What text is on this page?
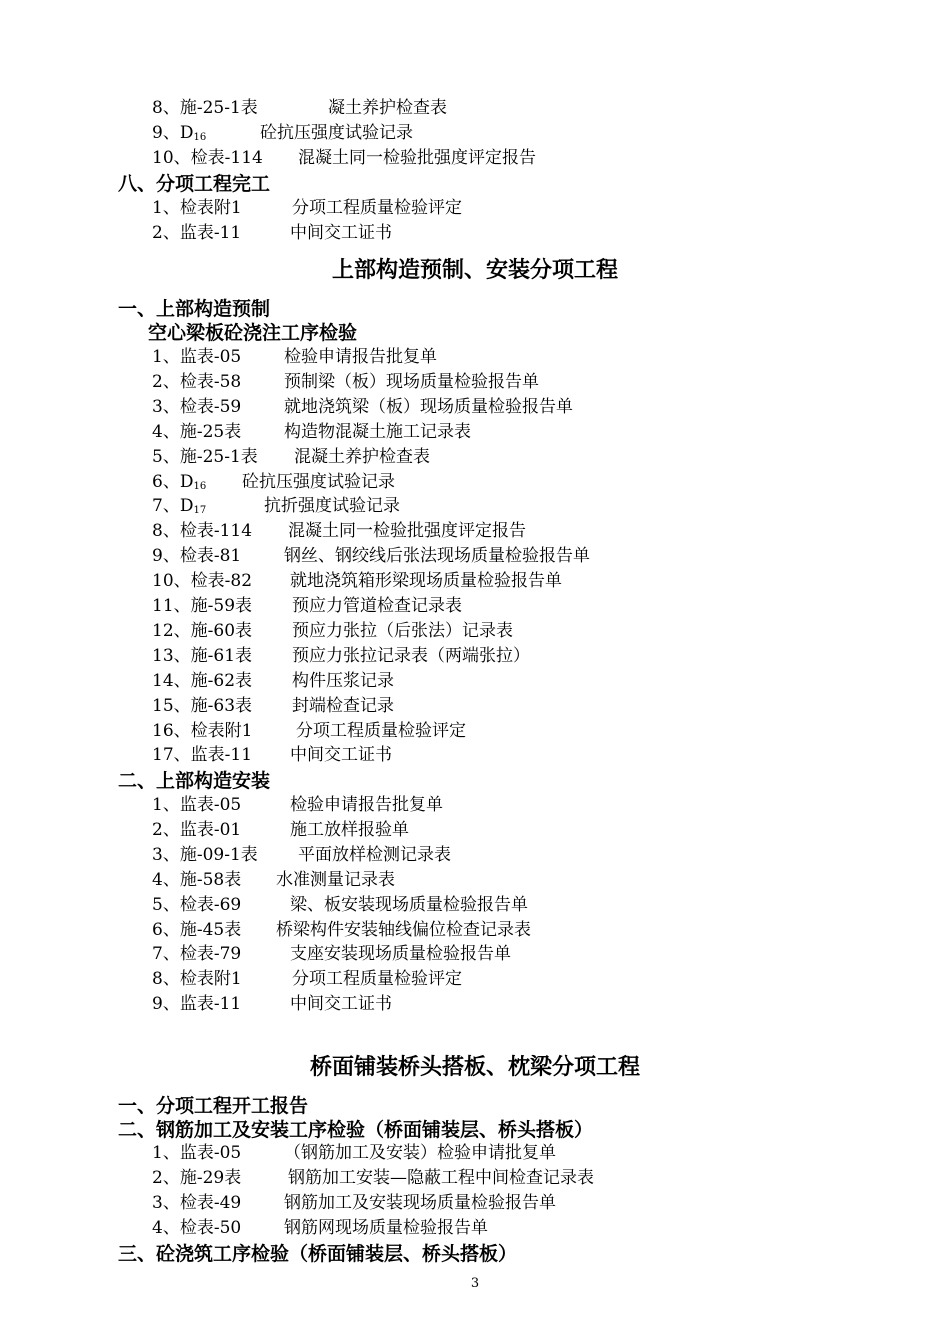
8、施-25-1表	凝土养护检查表
9、$D_{16}$	砼抗压强度试验记录
10、检表-114 混凝土同一检验批强度评定报告
八、分项工程完工
1、检表附1	分项工程质量检验评定
2、监表-11	中间交工证书
上部构造预制、安装分项工程
一、上部构造预制
空心梁板砼浇注工序检验
1、监表-05	检验申请报告批复单
2、检表-58	预制梁（板）现场质量检验报告单
3、检表-59	就地浇筑梁（板）现场质量检验报告单
4、施-25表	构造物混凝土施工记录表
5、施-25-1表 混凝土养护检查表
6、$D_{16}$ 砼抗压强度试验记录
7、$D_{17}$	抗折强度试验记录
8、检表-114 混凝土同一检验批强度评定报告
9、检表-81	钢丝、钢绞线后张法现场质量检验报告单
10、检表-82 就地浇筑箱形梁现场质量检验报告单
11、施-59表 预应力管道检查记录表
12、施-60表 预应力张拉（后张法）记录表
13、施-61表 预应力张拉记录表（两端张拉）
14、施-62表 构件压浆记录
15、施-63表 封端检查记录
16、检表附1	分项工程质量检验评定
17、监表-11 中间交工证书
二、上部构造安装
1、监表-05	检验申请报告批复单
2、监表-01	施工放样报验单
3、施-09-1表 平面放样检测记录表
4、施-58表 水准测量记录表
5、检表-69	梁、板安装现场质量检验报告单
6、施-45表 桥梁构件安装轴线偏位检查记录表
7、检表-79	支座安装现场质量检验报告单
8、检表附1	分项工程质量检验评定
9、监表-11	中间交工证书
桥面铺装桥头搭板、枕梁分项工程
一、分项工程开工报告
二、钢筋加工及安装工序检验（桥面铺装层、桥头搭板）
1、监表-05	（钢筋加工及安装）检验申请批复单
2、施-29表	钢筋加工安装—隐蔽工程中间检查记录表
3、检表-49	钢筋加工及安装现场质量检验报告单
4、检表-50	钢筋网现场质量检验报告单
三、砼浇筑工序检验（桥面铺装层、桥头搭板）
3
